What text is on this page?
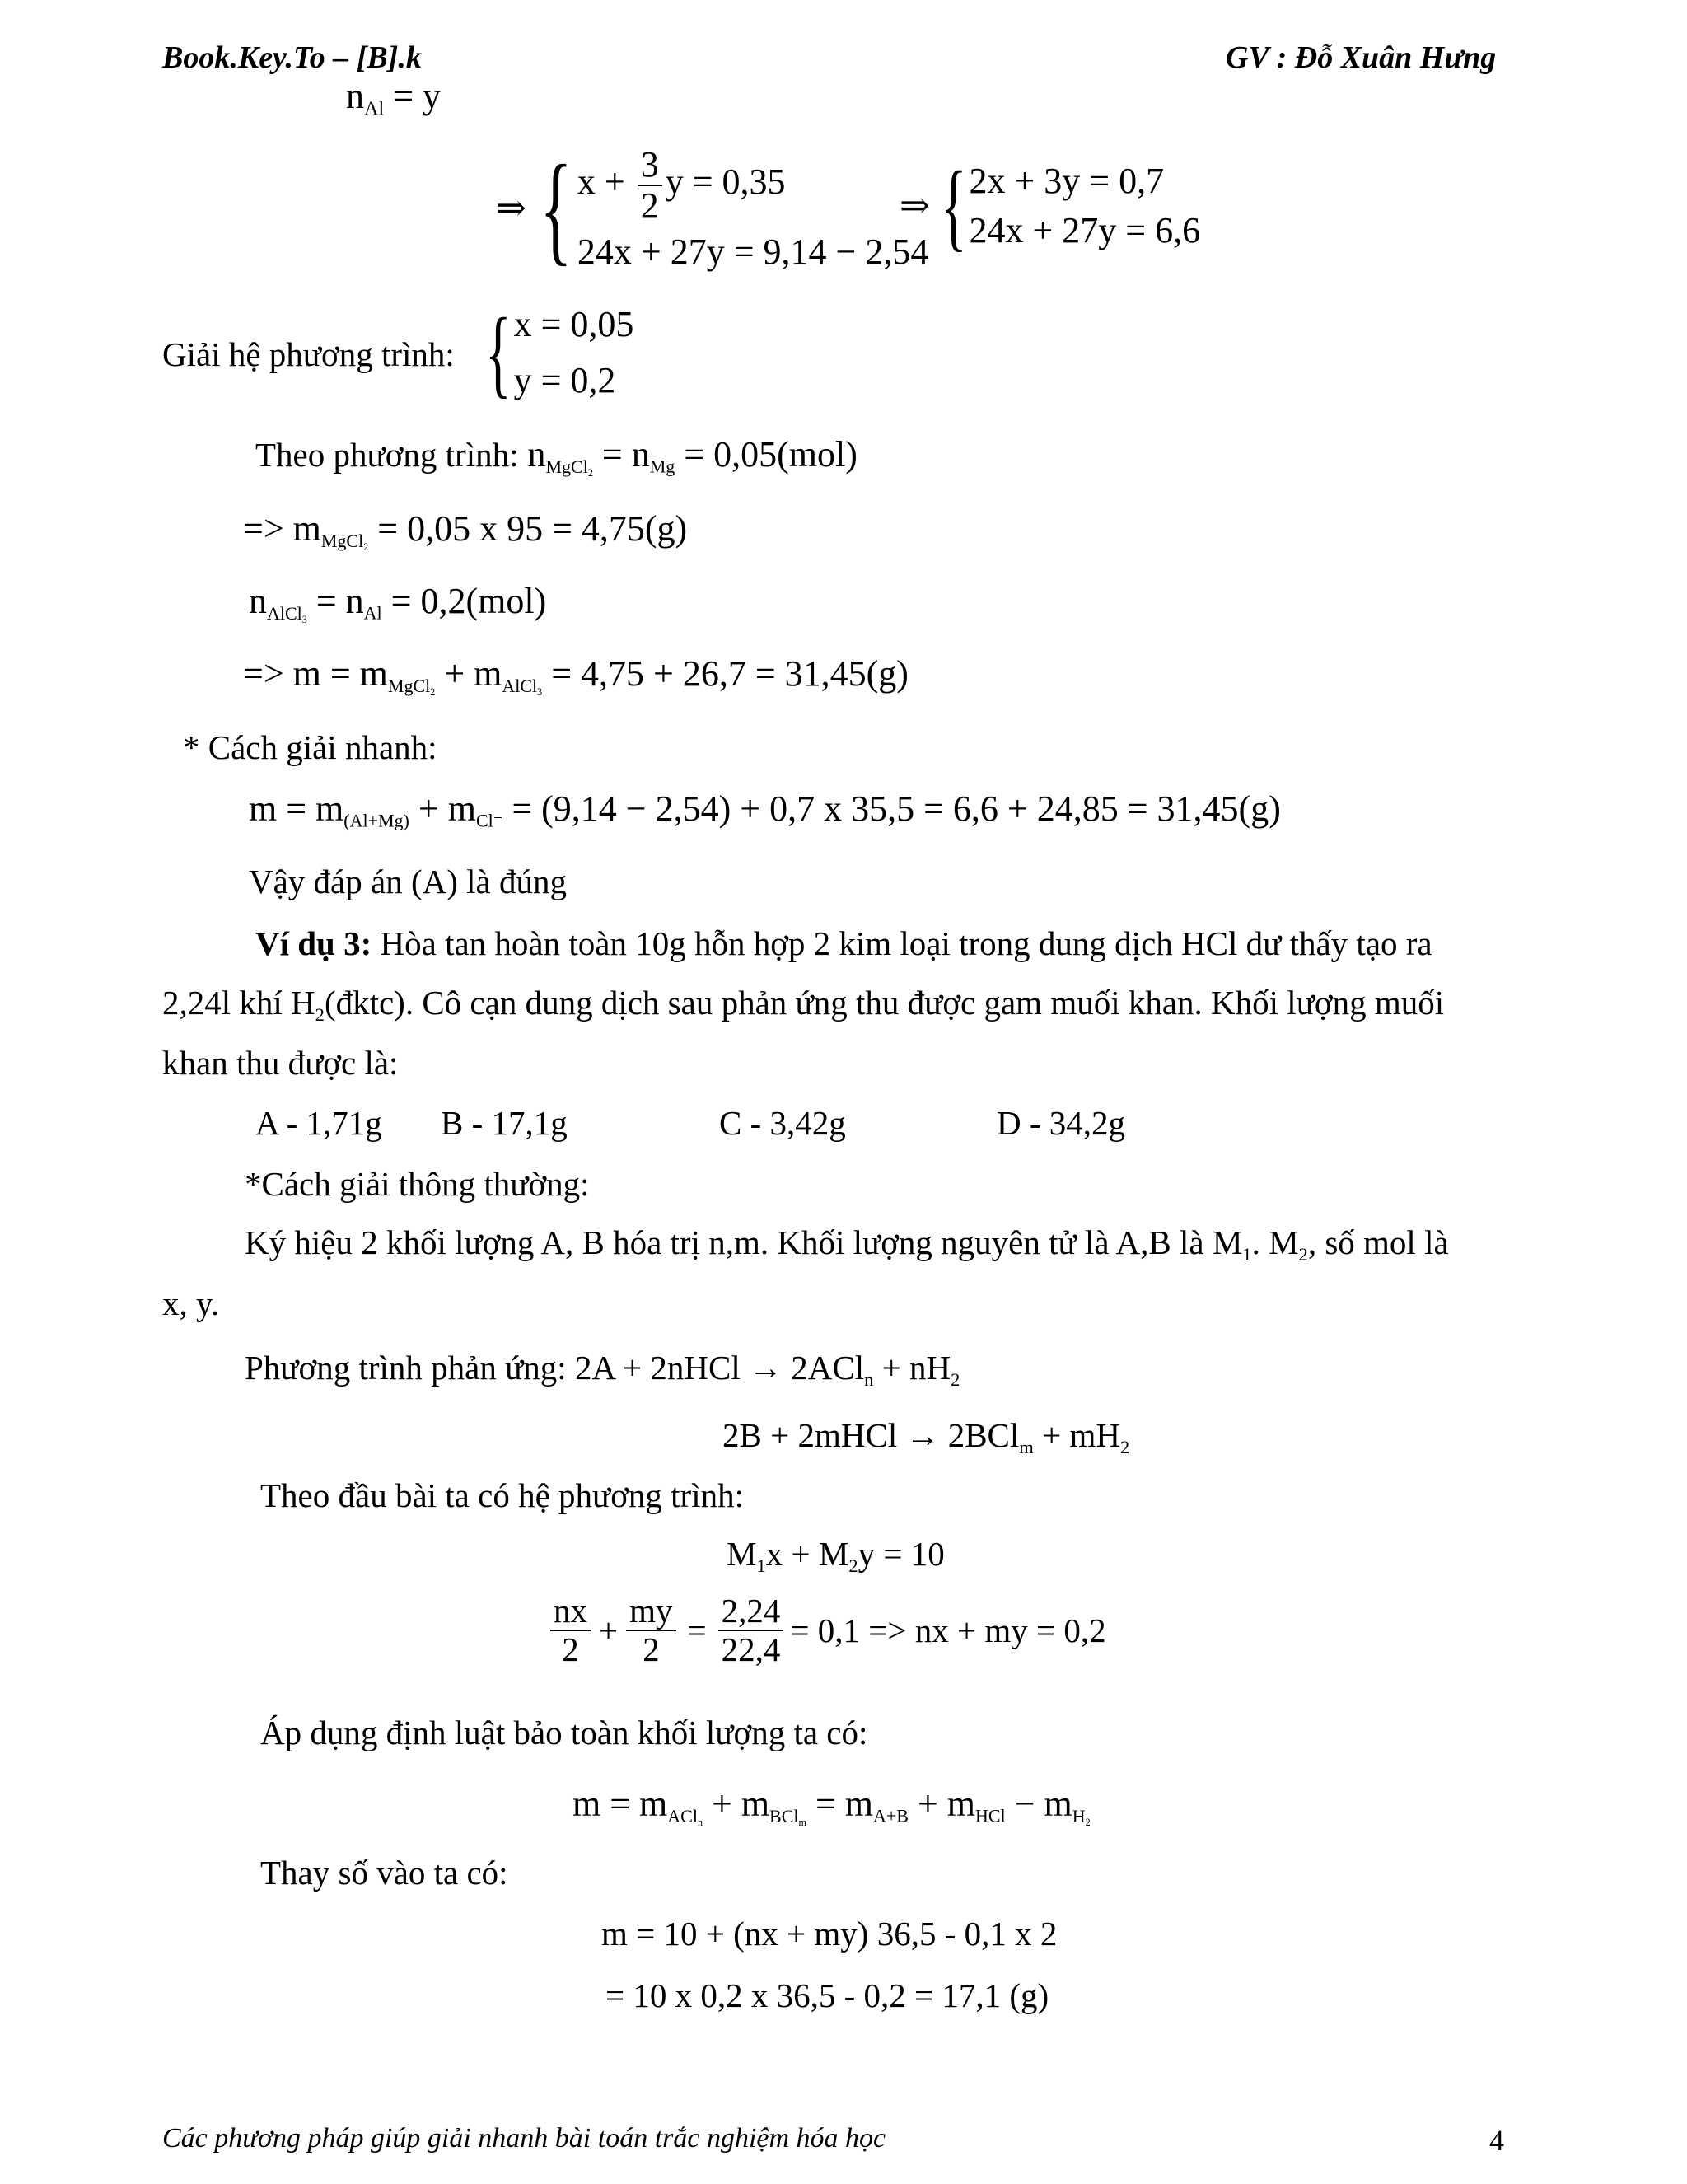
Book.Key.To – [B].k	GV : Đỗ Xuân Hưng
$n_{Al} = y$
⇒ { $x + \frac{3}{2}$ y = 0,35
24x + 27y = 9,14 − 2,54
⇒ { 2x + 3y = 0,7
24x + 27y = 6,6
Giải hệ phương trình: { x = 0,05
y = 0,2
Theo phương trình: $n_{MgCl_2} = n_{Mg} = 0,05(mol)$
=> $m_{MgCl_2} = 0,05$ x 95 = 4,75(g)
$n_{AlCl_3} = n_{Al} = 0,2(mol)$
=> $m = m_{MgCl_2} + m_{AlCl_3} = 4,75 + 26,7 = 31,45(g)$
* Cách giải nhanh:
$m = m_{(Al+Mg)} + m_{Cl^-} = (9,14 - 2,54) + 0,7$ x 35,5 = 6,6 + 24,85 = 31,45(g)
Vậy đáp án (A) là đúng
Ví dụ 3: Hòa tan hoàn toàn 10g hỗn hợp 2 kim loại trong dung dịch HCl dư thấy tạo ra
2,24l khí $H_2(đktc)$. Cô cạn dung dịch sau phản ứng thu được gam muối khan. Khối lượng muối
khan thu được là:
A - 1,71g B - 17,1g	C - 3,42g	D - 34,2g
*Cách giải thông thường:
Ký hiệu 2 khối lượng A, B hóa trị n,m. Khối lượng nguyên tử là A,B là $M_1$. $M_2$, số mol là
x, y.
Phương trình phản ứng: 2A + 2nHCl → $2ACl_n + nH_2$
2B + 2mHCl → $2BCl_m + mH_2$
Theo đầu bài ta có hệ phương trình:
$M_1x + M_2y = 10$
$\frac{nx}{2} + \frac{my}{2} = \frac{2,24}{22,4} = 0,1$ => nx + my = 0,2
Áp dụng định luật bảo toàn khối lượng ta có:
$m = m_{ACl_n} + m_{BCl_m} = m_{A+B} + m_{HCl} - m_{H_2}$
Thay số vào ta có:
m = 10 + (nx + my) 36,5 - 0,1 x 2
= 10 x 0,2 x 36,5 - 0,2 = 17,1 (g)
Các phương pháp giúp giải nhanh bài toán trắc nghiệm hóa học	4
